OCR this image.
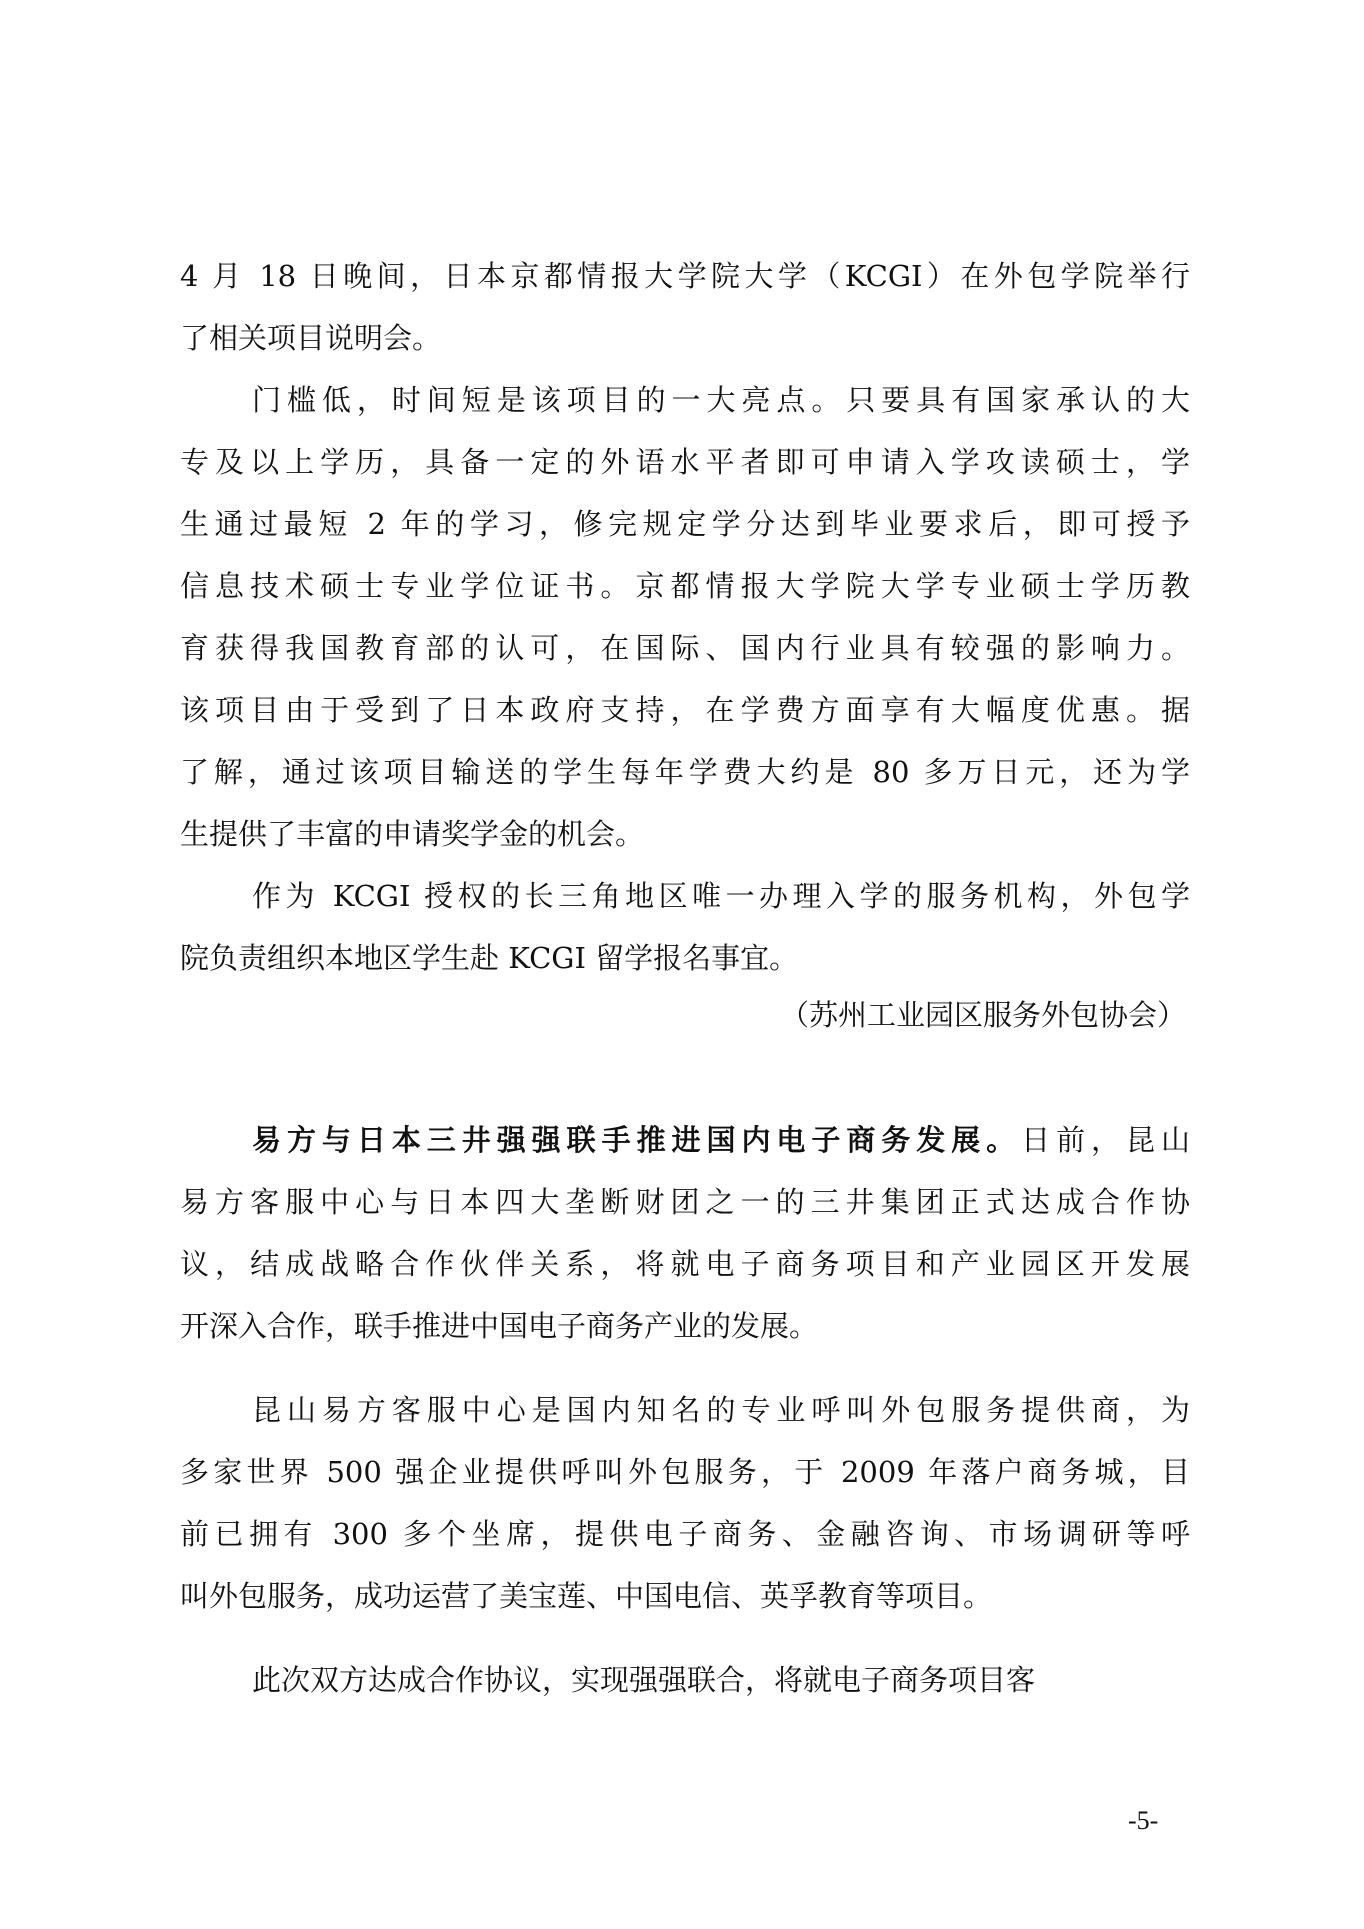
4 月 18 日晚间，日本京都情报大学院大学（KCGI）在外包学院举行
了相关项目说明会。
门槛低，时间短是该项目的一大亮点。只要具有国家承认的大
专及以上学历，具备一定的外语水平者即可申请入学攻读硕士，学
生通过最短 2 年的学习，修完规定学分达到毕业要求后，即可授予
信息技术硕士专业学位证书。京都情报大学院大学专业硕士学历教
育获得我国教育部的认可，在国际、国内行业具有较强的影响力。
该项目由于受到了日本政府支持，在学费方面享有大幅度优惠。据
了解，通过该项目输送的学生每年学费大约是 80 多万日元，还为学
生提供了丰富的申请奖学金的机会。
作为 KCGI 授权的长三角地区唯一办理入学的服务机构，外包学
院负责组织本地区学生赴 KCGI 留学报名事宜。
（苏州工业园区服务外包协会）
易方与日本三井强强联手推进国内电子商务发展。日前，昆山
易方客服中心与日本四大垄断财团之一的三井集团正式达成合作协
议，结成战略合作伙伴关系，将就电子商务项目和产业园区开发展
开深入合作，联手推进中国电子商务产业的发展。
昆山易方客服中心是国内知名的专业呼叫外包服务提供商，为
多家世界 500 强企业提供呼叫外包服务，于 2009 年落户商务城，目
前已拥有 300 多个坐席，提供电子商务、金融咨询、市场调研等呼
叫外包服务，成功运营了美宝莲、中国电信、英孚教育等项目。
此次双方达成合作协议，实现强强联合，将就电子商务项目客
-5-
